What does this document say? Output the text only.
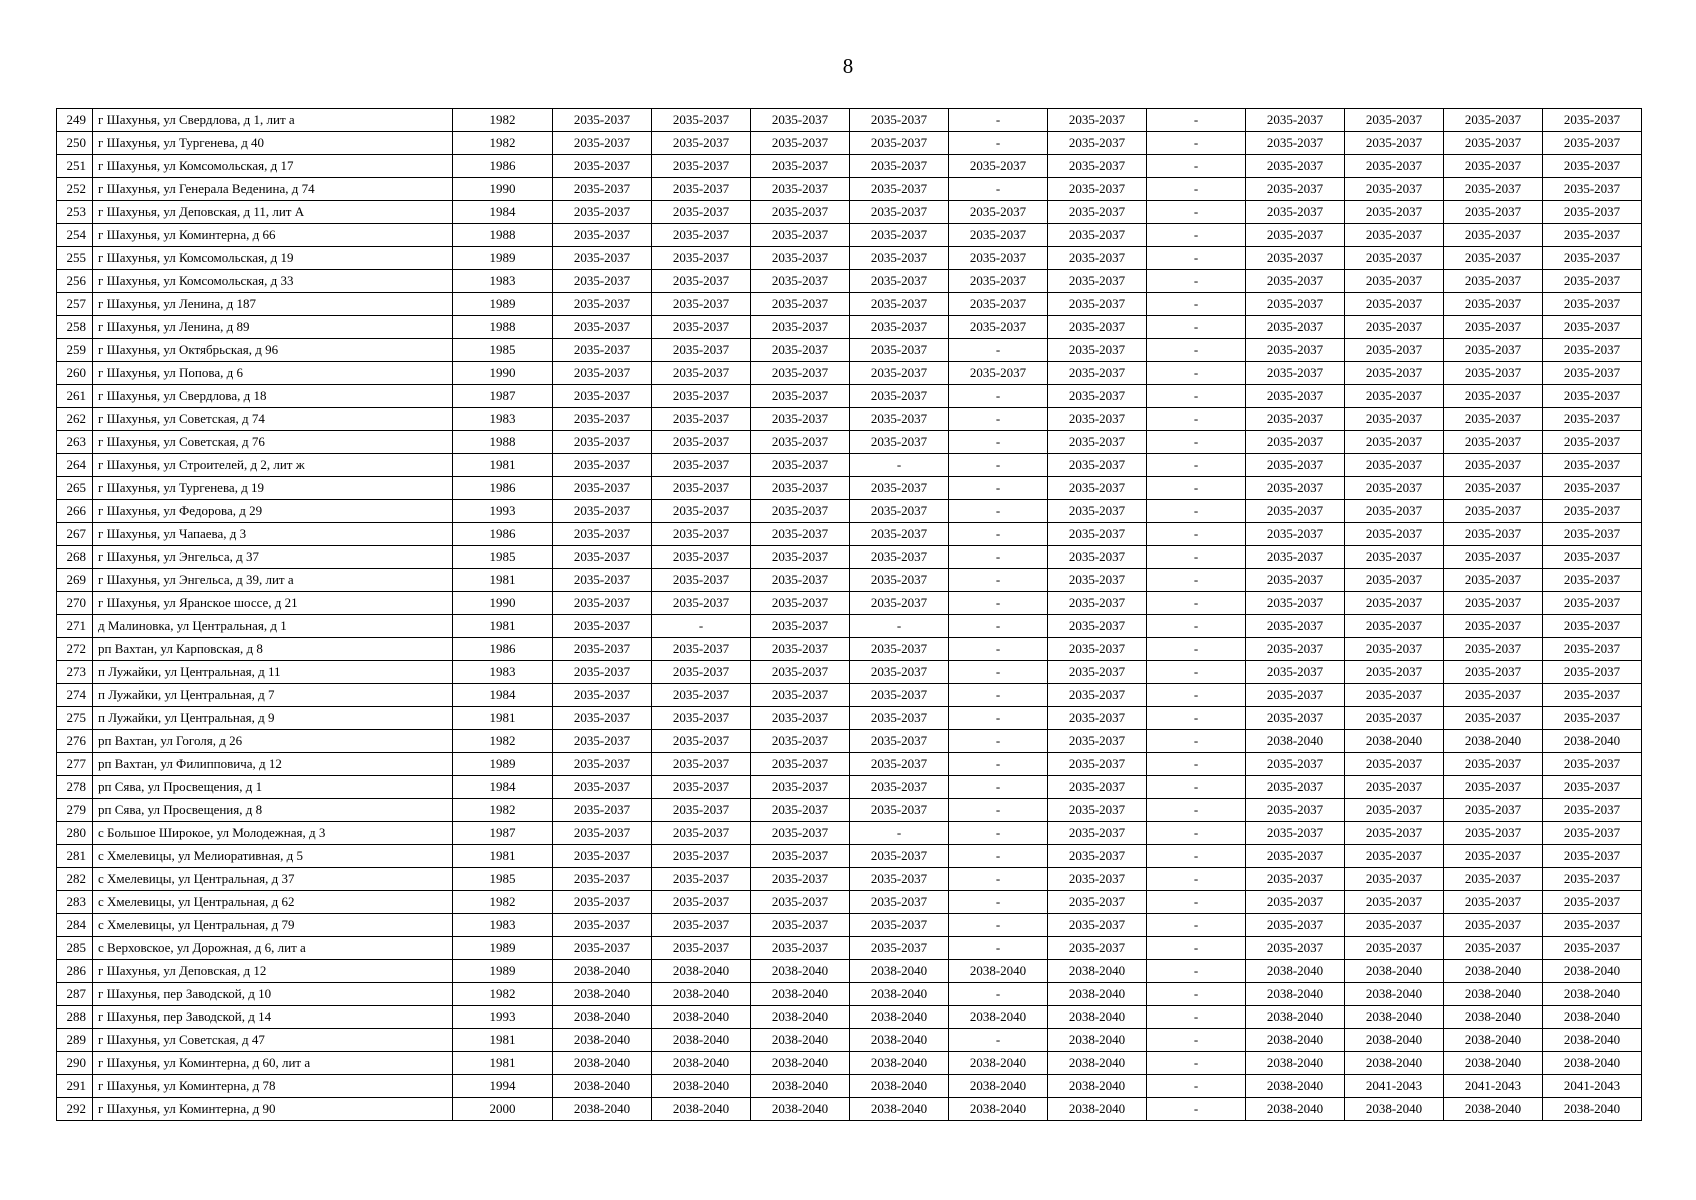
8
249	г Шахунья, ул Свердлова, д 1, лит а	1982	2035-2037	2035-2037	2035-2037	2035-2037	-	2035-2037	-	2035-2037	2035-2037	2035-2037	2035-2037
250	г Шахунья, ул Тургенева, д 40	1982	2035-2037	2035-2037	2035-2037	2035-2037	-	2035-2037	-	2035-2037	2035-2037	2035-2037	2035-2037
251	г Шахунья, ул Комсомольская, д 17	1986	2035-2037	2035-2037	2035-2037	2035-2037	2035-2037	2035-2037	-	2035-2037	2035-2037	2035-2037	2035-2037
252	г Шахунья, ул Генерала Веденина, д 74	1990	2035-2037	2035-2037	2035-2037	2035-2037	-	2035-2037	-	2035-2037	2035-2037	2035-2037	2035-2037
253	г Шахунья, ул Деповская, д 11, лит А	1984	2035-2037	2035-2037	2035-2037	2035-2037	2035-2037	2035-2037	-	2035-2037	2035-2037	2035-2037	2035-2037
254	г Шахунья, ул Коминтерна, д 66	1988	2035-2037	2035-2037	2035-2037	2035-2037	2035-2037	2035-2037	-	2035-2037	2035-2037	2035-2037	2035-2037
255	г Шахунья, ул Комсомольская, д 19	1989	2035-2037	2035-2037	2035-2037	2035-2037	2035-2037	2035-2037	-	2035-2037	2035-2037	2035-2037	2035-2037
256	г Шахунья, ул Комсомольская, д 33	1983	2035-2037	2035-2037	2035-2037	2035-2037	2035-2037	2035-2037	-	2035-2037	2035-2037	2035-2037	2035-2037
257	г Шахунья, ул Ленина, д 187	1989	2035-2037	2035-2037	2035-2037	2035-2037	2035-2037	2035-2037	-	2035-2037	2035-2037	2035-2037	2035-2037
258	г Шахунья, ул Ленина, д 89	1988	2035-2037	2035-2037	2035-2037	2035-2037	2035-2037	2035-2037	-	2035-2037	2035-2037	2035-2037	2035-2037
259	г Шахунья, ул Октябрьская, д 96	1985	2035-2037	2035-2037	2035-2037	2035-2037	-	2035-2037	-	2035-2037	2035-2037	2035-2037	2035-2037
260	г Шахунья, ул Попова, д 6	1990	2035-2037	2035-2037	2035-2037	2035-2037	2035-2037	2035-2037	-	2035-2037	2035-2037	2035-2037	2035-2037
261	г Шахунья, ул Свердлова, д 18	1987	2035-2037	2035-2037	2035-2037	2035-2037	-	2035-2037	-	2035-2037	2035-2037	2035-2037	2035-2037
262	г Шахунья, ул Советская, д 74	1983	2035-2037	2035-2037	2035-2037	2035-2037	-	2035-2037	-	2035-2037	2035-2037	2035-2037	2035-2037
263	г Шахунья, ул Советская, д 76	1988	2035-2037	2035-2037	2035-2037	2035-2037	-	2035-2037	-	2035-2037	2035-2037	2035-2037	2035-2037
264	г Шахунья, ул Строителей, д 2, лит ж	1981	2035-2037	2035-2037	2035-2037	-	-	2035-2037	-	2035-2037	2035-2037	2035-2037	2035-2037
265	г Шахунья, ул Тургенева, д 19	1986	2035-2037	2035-2037	2035-2037	2035-2037	-	2035-2037	-	2035-2037	2035-2037	2035-2037	2035-2037
266	г Шахунья, ул Федорова, д 29	1993	2035-2037	2035-2037	2035-2037	2035-2037	-	2035-2037	-	2035-2037	2035-2037	2035-2037	2035-2037
267	г Шахунья, ул Чапаева, д 3	1986	2035-2037	2035-2037	2035-2037	2035-2037	-	2035-2037	-	2035-2037	2035-2037	2035-2037	2035-2037
268	г Шахунья, ул Энгельса, д 37	1985	2035-2037	2035-2037	2035-2037	2035-2037	-	2035-2037	-	2035-2037	2035-2037	2035-2037	2035-2037
269	г Шахунья, ул Энгельса, д 39, лит а	1981	2035-2037	2035-2037	2035-2037	2035-2037	-	2035-2037	-	2035-2037	2035-2037	2035-2037	2035-2037
270	г Шахунья, ул Яранское шоссе, д 21	1990	2035-2037	2035-2037	2035-2037	2035-2037	-	2035-2037	-	2035-2037	2035-2037	2035-2037	2035-2037
271	д Малиновка, ул Центральная, д 1	1981	2035-2037	-	2035-2037	-	-	2035-2037	-	2035-2037	2035-2037	2035-2037	2035-2037
272	рп Вахтан, ул Карповская, д 8	1986	2035-2037	2035-2037	2035-2037	2035-2037	-	2035-2037	-	2035-2037	2035-2037	2035-2037	2035-2037
273	п Лужайки, ул Центральная, д 11	1983	2035-2037	2035-2037	2035-2037	2035-2037	-	2035-2037	-	2035-2037	2035-2037	2035-2037	2035-2037
274	п Лужайки, ул Центральная, д 7	1984	2035-2037	2035-2037	2035-2037	2035-2037	-	2035-2037	-	2035-2037	2035-2037	2035-2037	2035-2037
275	п Лужайки, ул Центральная, д 9	1981	2035-2037	2035-2037	2035-2037	2035-2037	-	2035-2037	-	2035-2037	2035-2037	2035-2037	2035-2037
276	рп Вахтан, ул Гоголя, д 26	1982	2035-2037	2035-2037	2035-2037	2035-2037	-	2035-2037	-	2038-2040	2038-2040	2038-2040	2038-2040
277	рп Вахтан, ул Филипповича, д 12	1989	2035-2037	2035-2037	2035-2037	2035-2037	-	2035-2037	-	2035-2037	2035-2037	2035-2037	2035-2037
278	рп Сява, ул Просвещения, д 1	1984	2035-2037	2035-2037	2035-2037	2035-2037	-	2035-2037	-	2035-2037	2035-2037	2035-2037	2035-2037
279	рп Сява, ул Просвещения, д 8	1982	2035-2037	2035-2037	2035-2037	2035-2037	-	2035-2037	-	2035-2037	2035-2037	2035-2037	2035-2037
280	с Большое Широкое, ул Молодежная, д 3	1987	2035-2037	2035-2037	2035-2037	-	-	2035-2037	-	2035-2037	2035-2037	2035-2037	2035-2037
281	с Хмелевицы, ул Мелиоративная, д 5	1981	2035-2037	2035-2037	2035-2037	2035-2037	-	2035-2037	-	2035-2037	2035-2037	2035-2037	2035-2037
282	с Хмелевицы, ул Центральная, д 37	1985	2035-2037	2035-2037	2035-2037	2035-2037	-	2035-2037	-	2035-2037	2035-2037	2035-2037	2035-2037
283	с Хмелевицы, ул Центральная, д 62	1982	2035-2037	2035-2037	2035-2037	2035-2037	-	2035-2037	-	2035-2037	2035-2037	2035-2037	2035-2037
284	с Хмелевицы, ул Центральная, д 79	1983	2035-2037	2035-2037	2035-2037	2035-2037	-	2035-2037	-	2035-2037	2035-2037	2035-2037	2035-2037
285	с Верховское, ул Дорожная, д 6, лит а	1989	2035-2037	2035-2037	2035-2037	2035-2037	-	2035-2037	-	2035-2037	2035-2037	2035-2037	2035-2037
286	г Шахунья, ул Деповская, д 12	1989	2038-2040	2038-2040	2038-2040	2038-2040	2038-2040	2038-2040	-	2038-2040	2038-2040	2038-2040	2038-2040
287	г Шахунья, пер Заводской, д 10	1982	2038-2040	2038-2040	2038-2040	2038-2040	-	2038-2040	-	2038-2040	2038-2040	2038-2040	2038-2040
288	г Шахунья, пер Заводской, д 14	1993	2038-2040	2038-2040	2038-2040	2038-2040	2038-2040	2038-2040	-	2038-2040	2038-2040	2038-2040	2038-2040
289	г Шахунья, ул Советская, д 47	1981	2038-2040	2038-2040	2038-2040	2038-2040	-	2038-2040	-	2038-2040	2038-2040	2038-2040	2038-2040
290	г Шахунья, ул Коминтерна, д 60, лит а	1981	2038-2040	2038-2040	2038-2040	2038-2040	2038-2040	2038-2040	-	2038-2040	2038-2040	2038-2040	2038-2040
291	г Шахунья, ул Коминтерна, д 78	1994	2038-2040	2038-2040	2038-2040	2038-2040	2038-2040	2038-2040	-	2038-2040	2041-2043	2041-2043	2041-2043
292	г Шахунья, ул Коминтерна, д 90	2000	2038-2040	2038-2040	2038-2040	2038-2040	2038-2040	2038-2040	-	2038-2040	2038-2040	2038-2040	2038-2040
